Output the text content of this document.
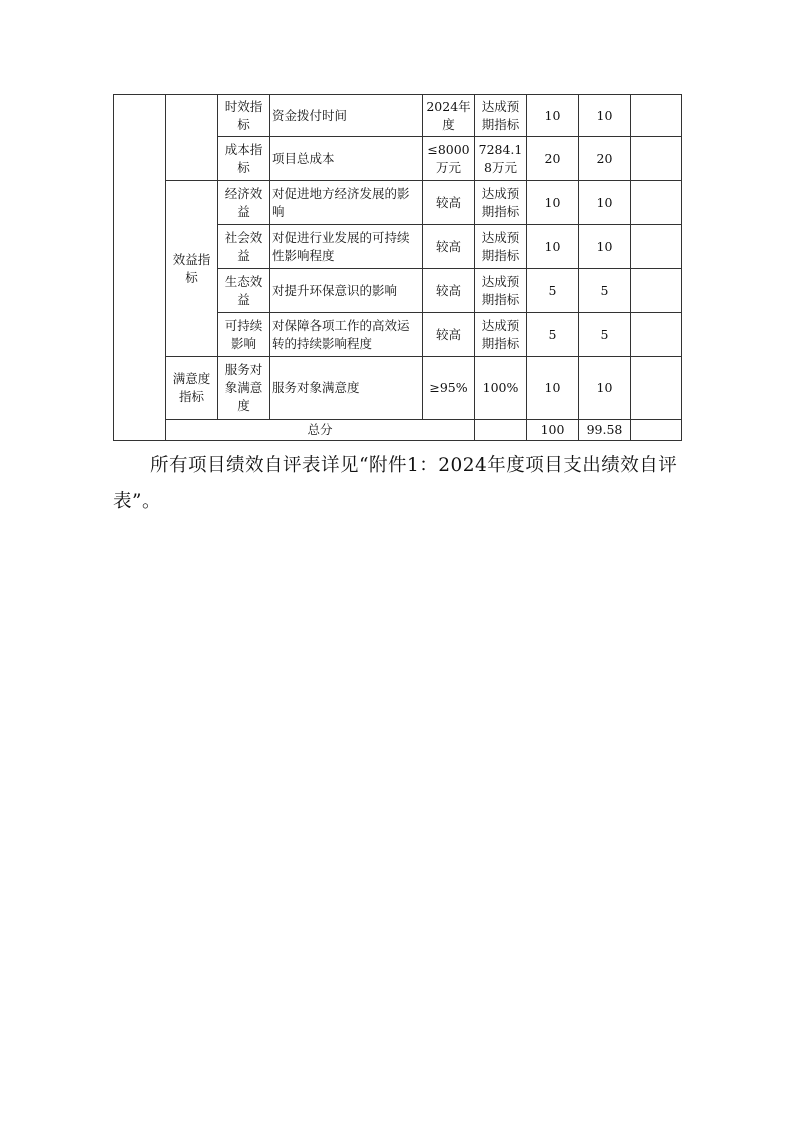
		时效指标	资金拨付时间	2024年度	达成预期指标	10	10	
		成本指标	项目总成本	≤8000万元	7284.18万元	20	20	
	效益指标	经济效益	对促进地方经济发展的影响	较高	达成预期指标	10	10	
		社会效益	对促进行业发展的可持续性影响程度	较高	达成预期指标	10	10	
		生态效益	对提升环保意识的影响	较高	达成预期指标	5	5	
		可持续影响	对保障各项工作的高效运转的持续影响程度	较高	达成预期指标	5	5	
	满意度指标	服务对象满意度	服务对象满意度	≥95%	100%	10	10	
	总分					100	99.58	

所有项目绩效自评表详见“附件1：2024年度项目支出绩效自评表”。
